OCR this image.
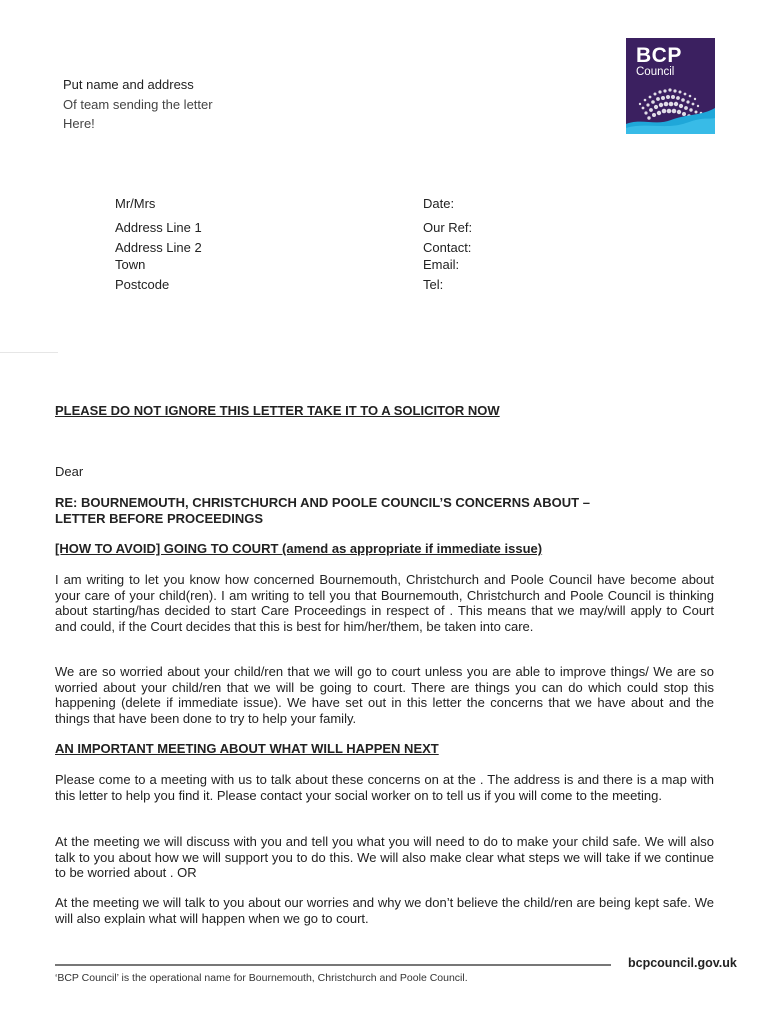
Put name and address
Of team sending the letter
Here!
BCP
Council
Mr/Mrs
Address Line 1
Address Line 2
Town
Postcode
Date:
Our Ref:
Contact:
Email:
Tel:
PLEASE DO NOT IGNORE THIS LETTER TAKE IT TO A SOLICITOR NOW
Dear
RE: BOURNEMOUTH, CHRISTCHURCH AND POOLE COUNCIL’S CONCERNS ABOUT –
LETTER BEFORE PROCEEDINGS
[HOW TO AVOID] GOING TO COURT (amend as appropriate if immediate issue)
I am writing to let you know how concerned Bournemouth, Christchurch and Poole Council have become about your care of your child(ren). I am writing to tell you that Bournemouth, Christchurch and Poole Council is thinking about starting/has decided to start Care Proceedings in respect of . This means that we may/will apply to Court and could, if the Court decides that this is best for him/her/them, be taken into care.
We are so worried about your child/ren that we will go to court unless you are able to improve things/ We are so worried about your child/ren that we will be going to court. There are things you can do which could stop this happening (delete if immediate issue). We have set out in this letter the concerns that we have about and the things that have been done to try to help your family.
AN IMPORTANT MEETING ABOUT WHAT WILL HAPPEN NEXT
Please come to a meeting with us to talk about these concerns on at the . The address is and there is a map with this letter to help you find it. Please contact your social worker on to tell us if you will come to the meeting.
At the meeting we will discuss with you and tell you what you will need to do to make your child safe. We will also talk to you about how we will support you to do this. We will also make clear what steps we will take if we continue to be worried about . OR
At the meeting we will talk to you about our worries and why we don’t believe the child/ren are being kept safe. We will also explain what will happen when we go to court.
bcpcouncil.gov.uk
‘BCP Council’ is the operational name for Bournemouth, Christchurch and Poole Council.
